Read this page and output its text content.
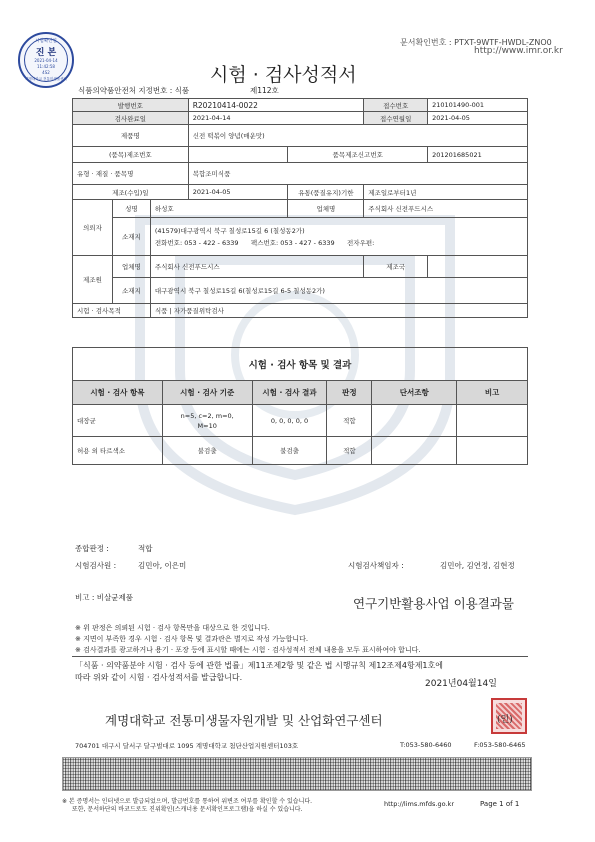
문서확인번호 : PTXT-9WTF-HWDL-ZNO0
http://www.imr.or.kr
시험확인필
진 본
2021-04-14
11:42:58
4S2
계명대학교 전통미생물센터
식품의약품안전처 지정번호 : 식품	제112호
시험 · 검사성적서
발행번호			R20210414-0022		접수번호	210101490-001
검사완료일			2021-04-14		접수연월일	2021-04-05
제품명			신전 떡볶이 양념(매운맛)			
(품목)제조번호				품목제조신고번호		201201685021
유형 · 재질 · 품목명			복합조미식품			
제조(수입)일			2021-04-05	유통(품질유지)기한	제조일로부터1년	
의뢰자	성명	하성호		업체명	주식회사 신전푸드시스	
	소재지	(41579)대구광역시 북구 칠성로15길 6 (칠성동2가)
전화번호: 053 - 422 - 6339 팩스번호: 053 - 427 - 6339 전자우편:				

제조원	업체명	주식회사 신전푸드시스			제조국	
	소재지	대구광역시 북구 칠성로15길 6(칠성로15길 6-5 칠성동2가)				
시험 · 검사목적		식품 | 자가품질위탁검사				
시험 · 검사 항목 및 결과
시험 · 검사 항목	시험 · 검사 기준	시험 · 검사 결과	판정	단서조항	비고
대장균	n=5, c=2, m=0,
M=10	0, 0, 0, 0, 0	적합		
허용 외 타르색소	불검출	불검출	적합		
종합판정 :	적합
시험검사원 :	김민아, 이은미	시험검사책임자 :	김민아, 김연정, 김현정
비고 : 비살균제품	연구기반활용사업 이용결과물
※ 위 판정은 의뢰된 시험 · 검사 항목만을 대상으로 한 것입니다.
※ 지면이 부족한 경우 시험 · 검사 항목 및 결과란은 별지로 작성 가능합니다.
※ 검사결과를 광고하거나 용기 · 포장 등에 표시할 때에는 시험 · 검사성적서 전체 내용을 모두 표시하여야 합니다.
「식품 · 의약품분야 시험 · 검사 등에 관한 법률」제11조제2항 및 같은 법 시행규칙 제12조제4항제1호에
따라 위와 같이 시험 · 검사성적서를 발급합니다.
2021년04월14일
계명대학교 전통미생물자원개발 및 산업화연구센터	(인)
704701 대구시 달서구 달구벌대로 1095 계명대학교 첨단산업지원센터103호	T:053-580-6460	F:053-580-6465
※ 본 증명서는 인터넷으로 발급되었으며, 발급번호를 통하여 위변조 여부를 확인할 수 있습니다.
또한, 문서하단의 바코드로도 진위확인(스캐너용 문서확인프로그램)을 하실 수 있습니다.
http://lims.mfds.go.kr	Page 1 of 1
